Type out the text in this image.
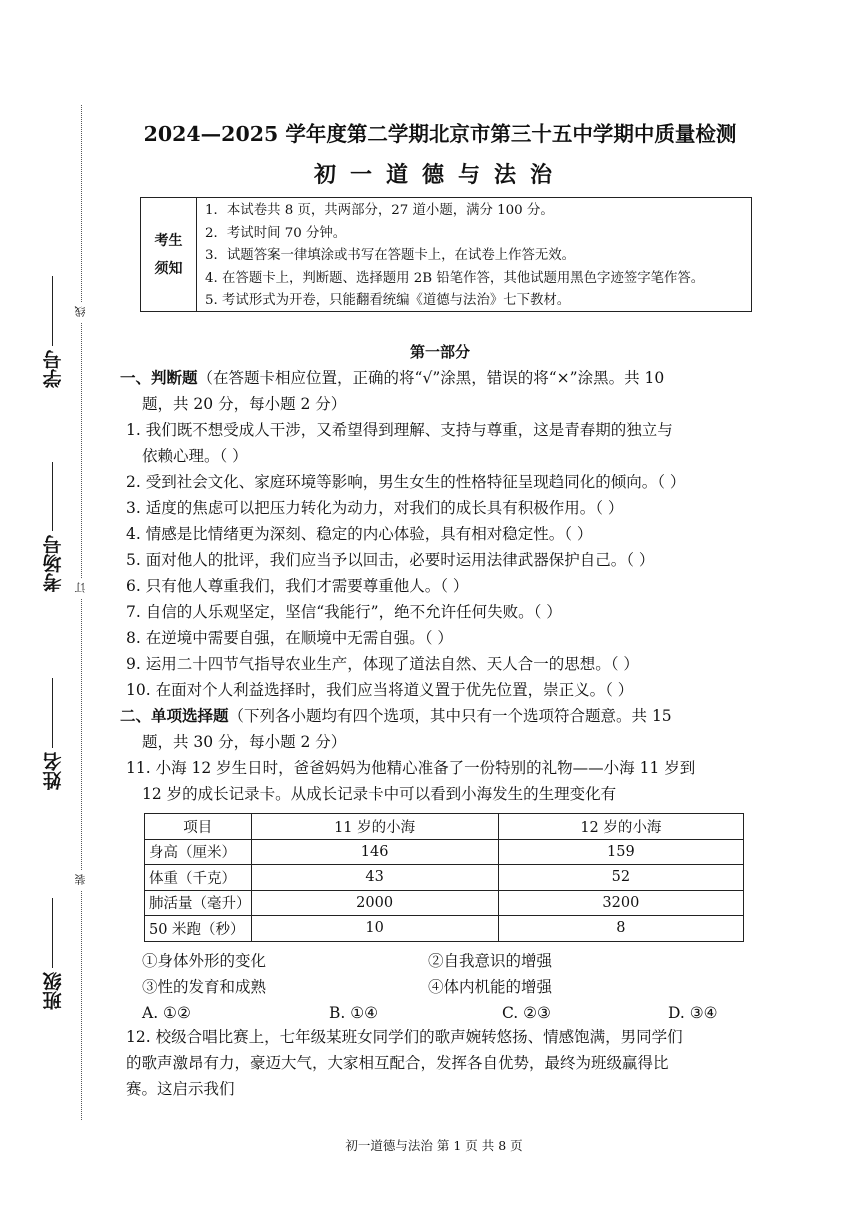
学号
考场号
姓名
班级
线
订
装
2024—2025 学年度第二学期北京市第三十五中学期中质量检测
初一道德与法治
考生
须知
1．本试卷共 8 页，共两部分，27 道小题，满分 100 分。
2．考试时间 70 分钟。
3．试题答案一律填涂或书写在答题卡上，在试卷上作答无效。
4. 在答题卡上，判断题、选择题用 2B 铅笔作答，其他试题用黑色字迹签字笔作答。
5. 考试形式为开卷，只能翻看统编《道德与法治》七下教材。
第一部分
一、判断题（在答题卡相应位置，正确的将“√”涂黑，错误的将“×”涂黑。共 10
题，共 20 分，每小题 2 分）
1. 我们既不想受成人干涉，又希望得到理解、支持与尊重，这是青春期的独立与
依赖心理。（ ）
2. 受到社会文化、家庭环境等影响，男生女生的性格特征呈现趋同化的倾向。（ ）
3. 适度的焦虑可以把压力转化为动力，对我们的成长具有积极作用。（ ）
4. 情感是比情绪更为深刻、稳定的内心体验，具有相对稳定性。（ ）
5. 面对他人的批评，我们应当予以回击，必要时运用法律武器保护自己。（ ）
6. 只有他人尊重我们，我们才需要尊重他人。（ ）
7. 自信的人乐观坚定，坚信“我能行”，绝不允许任何失败。（ ）
8. 在逆境中需要自强，在顺境中无需自强。（ ）
9. 运用二十四节气指导农业生产，体现了道法自然、天人合一的思想。（ ）
10. 在面对个人利益选择时，我们应当将道义置于优先位置，崇正义。（ ）
二、单项选择题（下列各小题均有四个选项，其中只有一个选项符合题意。共 15
题，共 30 分，每小题 2 分）
11. 小海 12 岁生日时，爸爸妈妈为他精心准备了一份特别的礼物——小海 11 岁到
12 岁的成长记录卡。从成长记录卡中可以看到小海发生的生理变化有
项目	11 岁的小海	12 岁的小海
身高（厘米）	146	159
体重（千克）	43	52
肺活量（毫升）	2000	3200
50 米跑（秒）	10	8
①身体外形的变化	②自我意识的增强
③性的发育和成熟	④体内机能的增强
A. ①②	B. ①④	C. ②③	D. ③④
12. 校级合唱比赛上，七年级某班女同学们的歌声婉转悠扬、情感饱满，男同学们
的歌声激昂有力，豪迈大气，大家相互配合，发挥各自优势，最终为班级赢得比
赛。这启示我们
初一道德与法治 第 1 页 共 8 页
